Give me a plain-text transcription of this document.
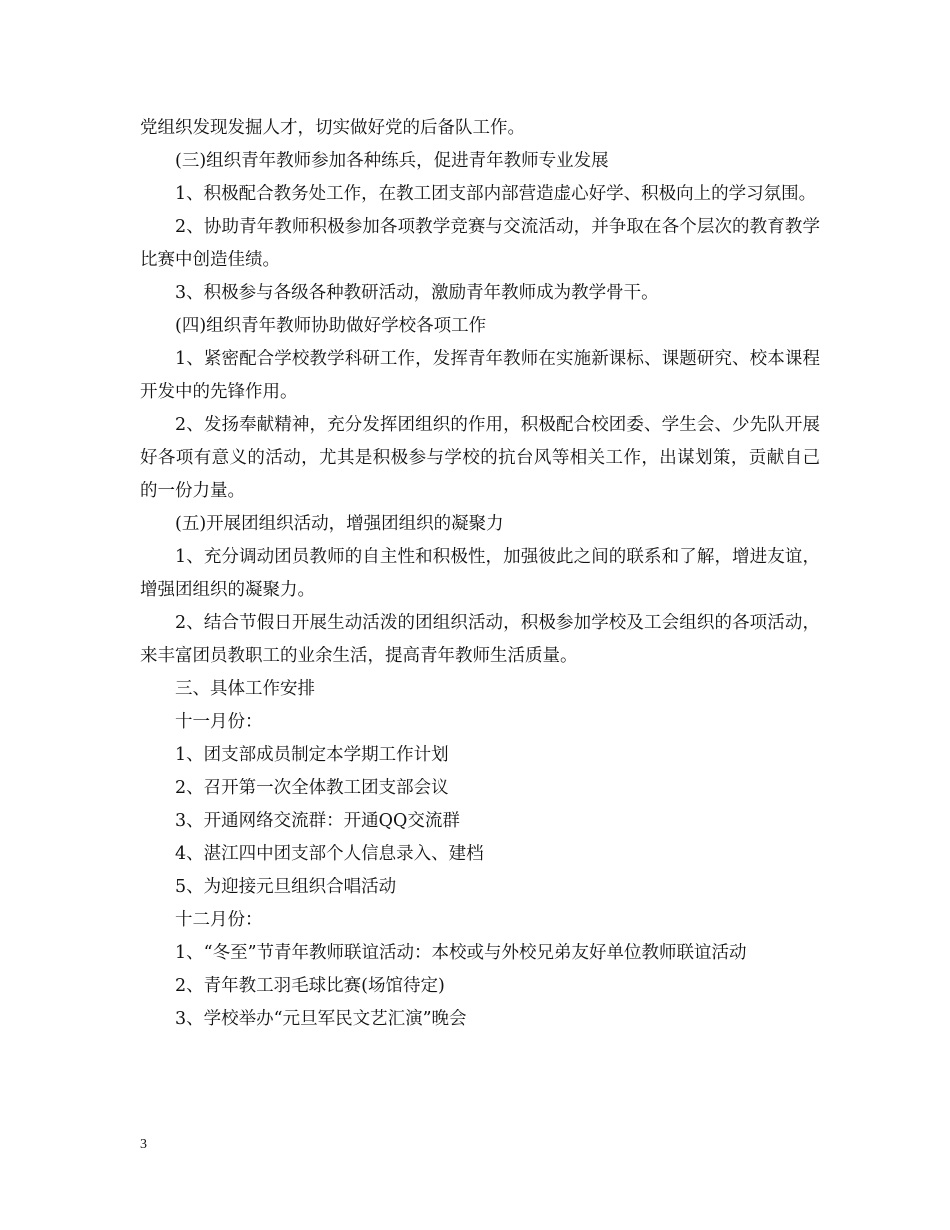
党组织发现发掘人才，切实做好党的后备队工作。

(三)组织青年教师参加各种练兵，促进青年教师专业发展

1、积极配合教务处工作，在教工团支部内部营造虚心好学、积极向上的学习氛围。

2、协助青年教师积极参加各项教学竞赛与交流活动，并争取在各个层次的教育教学比赛中创造佳绩。

3、积极参与各级各种教研活动，激励青年教师成为教学骨干。

(四)组织青年教师协助做好学校各项工作

1、紧密配合学校教学科研工作，发挥青年教师在实施新课标、课题研究、校本课程开发中的先锋作用。

2、发扬奉献精神，充分发挥团组织的作用，积极配合校团委、学生会、少先队开展好各项有意义的活动，尤其是积极参与学校的抗台风等相关工作，出谋划策，贡献自己的一份力量。

(五)开展团组织活动，增强团组织的凝聚力

1、充分调动团员教师的自主性和积极性，加强彼此之间的联系和了解，增进友谊，增强团组织的凝聚力。

2、结合节假日开展生动活泼的团组织活动，积极参加学校及工会组织的各项活动，来丰富团员教职工的业余生活，提高青年教师生活质量。

三、具体工作安排

十一月份：

1、团支部成员制定本学期工作计划

2、召开第一次全体教工团支部会议

3、开通网络交流群：开通QQ交流群

4、湛江四中团支部个人信息录入、建档

5、为迎接元旦组织合唱活动

十二月份：

1、“冬至”节青年教师联谊活动：本校或与外校兄弟友好单位教师联谊活动

2、青年教工羽毛球比赛(场馆待定)

3、学校举办“元旦军民文艺汇演”晚会

3
